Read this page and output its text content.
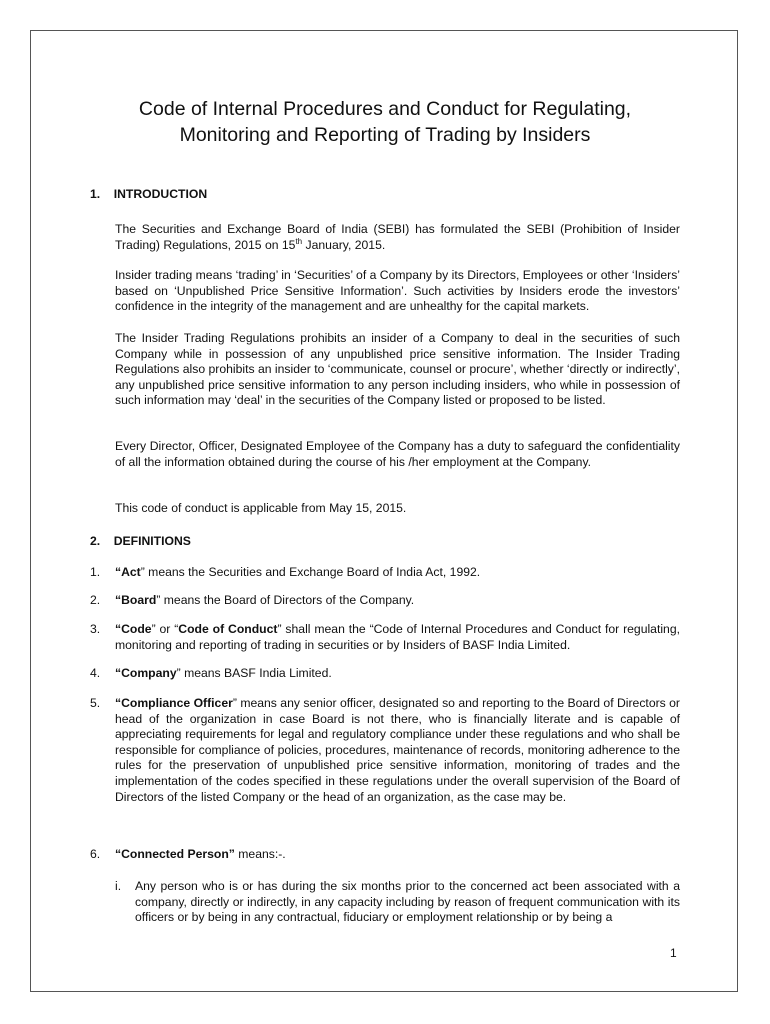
Code of Internal Procedures and Conduct for Regulating,
Monitoring and Reporting of Trading by Insiders
1. INTRODUCTION
The Securities and Exchange Board of India (SEBI) has formulated the SEBI (Prohibition of Insider Trading) Regulations, 2015 on 15th January, 2015.
Insider trading means ‘trading’ in ‘Securities’ of a Company by its Directors, Employees or other ‘Insiders’ based on ‘Unpublished Price Sensitive Information’. Such activities by Insiders erode the investors’ confidence in the integrity of the management and are unhealthy for the capital markets.
The Insider Trading Regulations prohibits an insider of a Company to deal in the securities of such Company while in possession of any unpublished price sensitive information. The Insider Trading Regulations also prohibits an insider to ‘communicate, counsel or procure’, whether ‘directly or indirectly’, any unpublished price sensitive information to any person including insiders, who while in possession of such information may ‘deal’ in the securities of the Company listed or proposed to be listed.
Every Director, Officer, Designated Employee of the Company has a duty to safeguard the confidentiality of all the information obtained during the course of his /her employment at the Company.
This code of conduct is applicable from May 15, 2015.
2. DEFINITIONS
1. “Act” means the Securities and Exchange Board of India Act, 1992.
2. “Board” means the Board of Directors of the Company.
3. “Code” or “Code of Conduct” shall mean the “Code of Internal Procedures and Conduct for regulating, monitoring and reporting of trading in securities or by Insiders of BASF India Limited.
4. “Company” means BASF India Limited.
5. “Compliance Officer” means any senior officer, designated so and reporting to the Board of Directors or head of the organization in case Board is not there, who is financially literate and is capable of appreciating requirements for legal and regulatory compliance under these regulations and who shall be responsible for compliance of policies, procedures, maintenance of records, monitoring adherence to the rules for the preservation of unpublished price sensitive information, monitoring of trades and the implementation of the codes specified in these regulations under the overall supervision of the Board of Directors of the listed Company or the head of an organization, as the case may be.
6. “Connected Person” means:-.
i. Any person who is or has during the six months prior to the concerned act been associated with a company, directly or indirectly, in any capacity including by reason of frequent communication with its officers or by being in any contractual, fiduciary or employment relationship or by being a
1
